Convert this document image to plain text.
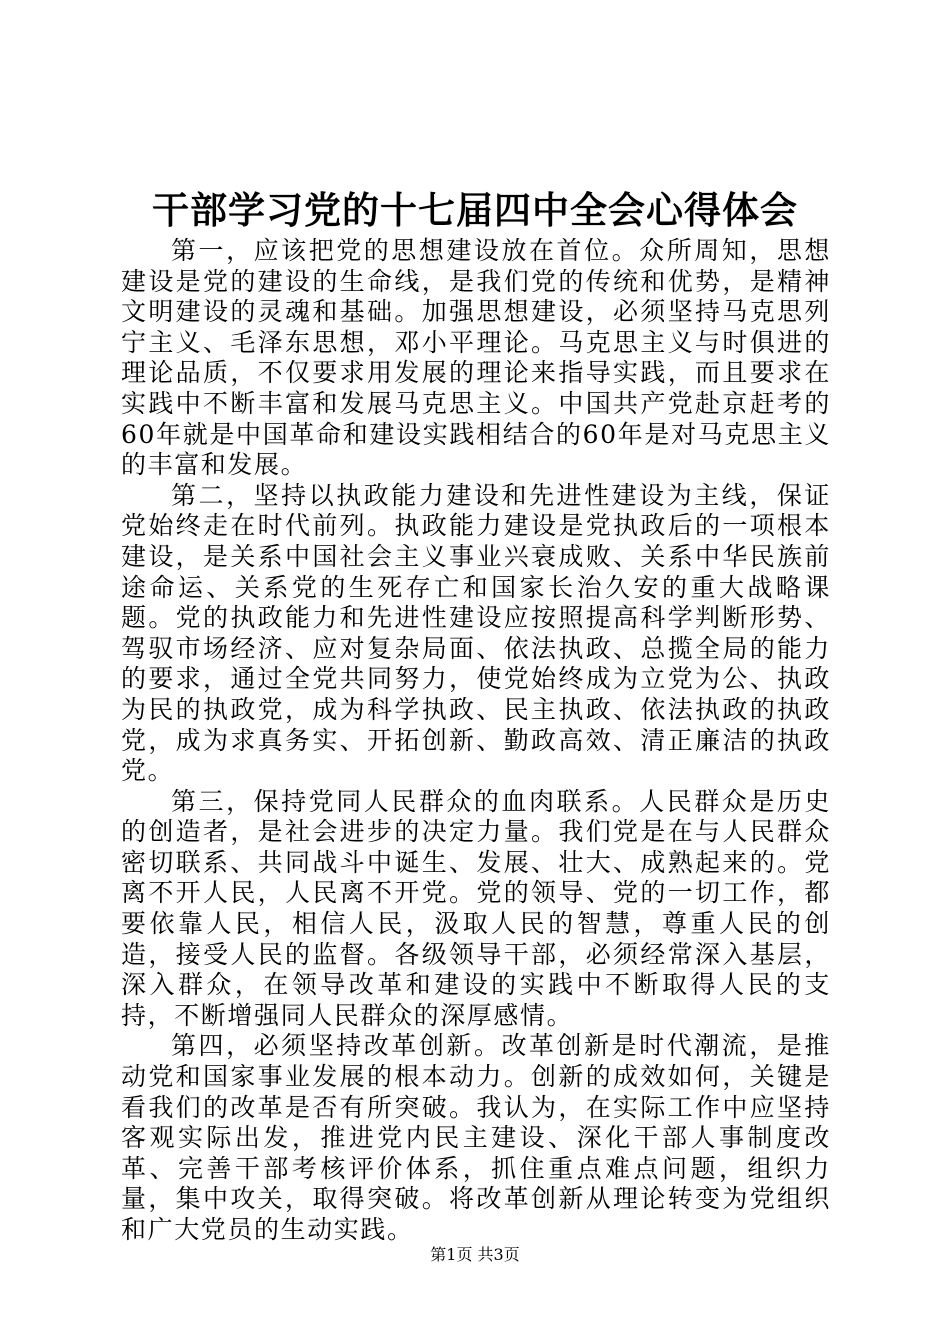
干部学习党的十七届四中全会心得体会

第一，应该把党的思想建设放在首位。众所周知，思想建设是党的建设的生命线，是我们党的传统和优势，是精神文明建设的灵魂和基础。加强思想建设，必须坚持马克思列宁主义、毛泽东思想，邓小平理论。马克思主义与时俱进的理论品质，不仅要求用发展的理论来指导实践，而且要求在实践中不断丰富和发展马克思主义。中国共产党赴京赶考的60年就是中国革命和建设实践相结合的60年是对马克思主义的丰富和发展。

第二，坚持以执政能力建设和先进性建设为主线，保证党始终走在时代前列。执政能力建设是党执政后的一项根本建设，是关系中国社会主义事业兴衰成败、关系中华民族前途命运、关系党的生死存亡和国家长治久安的重大战略课题。党的执政能力和先进性建设应按照提高科学判断形势、驾驭市场经济、应对复杂局面、依法执政、总揽全局的能力的要求，通过全党共同努力，使党始终成为立党为公、执政为民的执政党，成为科学执政、民主执政、依法执政的执政党，成为求真务实、开拓创新、勤政高效、清正廉洁的执政党。

第三，保持党同人民群众的血肉联系。人民群众是历史的创造者，是社会进步的决定力量。我们党是在与人民群众密切联系、共同战斗中诞生、发展、壮大、成熟起来的。党离不开人民，人民离不开党。党的领导、党的一切工作，都要依靠人民，相信人民，汲取人民的智慧，尊重人民的创造，接受人民的监督。各级领导干部，必须经常深入基层，深入群众，在领导改革和建设的实践中不断取得人民的支持，不断增强同人民群众的深厚感情。

第四，必须坚持改革创新。改革创新是时代潮流，是推动党和国家事业发展的根本动力。创新的成效如何，关键是看我们的改革是否有所突破。我认为，在实际工作中应坚持客观实际出发，推进党内民主建设、深化干部人事制度改革、完善干部考核评价体系，抓住重点难点问题，组织力量，集中攻关，取得突破。将改革创新从理论转变为党组织和广大党员的生动实践。

第1页 共3页
